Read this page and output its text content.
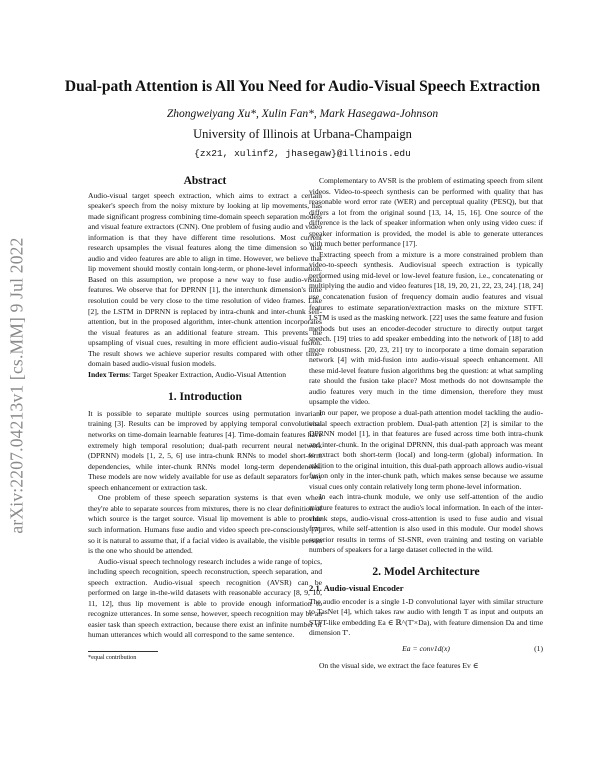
arXiv:2207.04213v1 [cs.MM] 9 Jul 2022
Dual-path Attention is All You Need for Audio-Visual Speech Extraction
Zhongweiyang Xu*, Xulin Fan*, Mark Hasegawa-Johnson
University of Illinois at Urbana-Champaign
{zx21, xulinf2, jhasegaw}@illinois.edu
Abstract

Audio-visual target speech extraction, which aims to extract a certain speaker's speech from the noisy mixture by looking at lip movements, has made significant progress combining time-domain speech separation models and visual feature extractors (CNN). One problem of fusing audio and video information is that they have different time resolutions. Most current research upsamples the visual features along the time dimension so that audio and video features are able to align in time. However, we believe that lip movement should mostly contain long-term, or phone-level information. Based on this assumption, we propose a new way to fuse audio-visual features. We observe that for DPRNN [1], the interchunk dimension's time resolution could be very close to the time resolution of video frames. Like [2], the LSTM in DPRNN is replaced by intra-chunk and inter-chunk self-attention, but in the proposed algorithm, inter-chunk attention incorporates the visual features as an additional feature stream. This prevents the upsampling of visual cues, resulting in more efficient audio-visual fusion. The result shows we achieve superior results compared with other time-domain based audio-visual fusion models.

Index Terms: Target Speaker Extraction, Audio-Visual Attention

1. Introduction

It is possible to separate multiple sources using permutation invariant training [3]. Results can be improved by applying temporal convolutional networks on time-domain learnable features [4]. Time-domain features have extremely high temporal resolution; dual-path recurrent neural network (DPRNN) models [1, 2, 5, 6] use intra-chunk RNNs to model short-term dependencies, while inter-chunk RNNs model long-term dependencies. These models are now widely available for use as default separators for any speech enhancement or extraction task.

One problem of these speech separation systems is that even when they're able to separate sources from mixtures, there is no clear definition of which source is the target source. Visual lip movement is able to provide such information. Humans fuse audio and video speech pre-consciously [7], so it is natural to assume that, if a facial video is available, the visible person is the one who should be attended.

Audio-visual speech technology research includes a wide range of topics, including speech recognition, speech reconstruction, speech separation, and speech extraction. Audio-visual speech recognition (AVSR) can be performed on large in-the-wild datasets with reasonable accuracy [8, 9, 10, 11, 12], thus lip movement is able to provide enough information to recognize utterances. In some sense, however, speech recognition may be an easier task than speech extraction, because there exist an infinite number of human utterances which would all correspond to the same sentence.

*equal contribution

Complementary to AVSR is the problem of estimating speech from silent videos. Video-to-speech synthesis can be performed with quality that has reasonable word error rate (WER) and perceptual quality (PESQ), but that differs a lot from the original sound [13, 14, 15, 16]. One source of the difference is the lack of speaker information when only using video cues: if speaker information is provided, the model is able to generate utterances with much better performance [17].

Extracting speech from a mixture is a more constrained problem than video-to-speech synthesis. Audiovisual speech extraction is typically performed using mid-level or low-level feature fusion, i.e., concatenating or multiplying the audio and video features [18, 19, 20, 21, 22, 23, 24]. [18, 24] use concatenation fusion of frequency domain audio features and visual features to estimate separation/extraction masks on the mixture STFT. LSTM is used as the masking network. [22] uses the same feature and fusion methods but uses an encoder-decoder structure to directly output target speech. [19] tries to add speaker embedding into the network of [18] to add more robustness. [20, 23, 21] try to incorporate a time domain separation network [4] with mid-fusion into audio-visual speech enhancement. All these mid-level feature fusion algorithms beg the question: at what sampling rate should the fusion take place? Most methods do not downsample the audio features very much in the time dimension, therefore they must upsample the video.

In our paper, we propose a dual-path attention model tackling the audio-visual speech extraction problem. Dual-path attention [2] is similar to the DPRNN model [1], in that features are fused across time both intra-chunk and inter-chunk. In the original DPRNN, this dual-path approach was meant to extract both short-term (local) and long-term (global) information. In addition to the original intuition, this dual-path approach allows audio-visual fusion only in the inter-chunk path, which makes sense because we assume visual cues only contain relatively long term phone-level information.

In each intra-chunk module, we only use self-attention of the audio mixture features to extract the audio's local information. In each of the inter-chunk steps, audio-visual cross-attention is used to fuse audio and visual features, while self-attention is also used in this module. Our model shows superior results in terms of SI-SNR, even training and testing on variable numbers of speakers for a large dataset collected in the wild.

2. Model Architecture
2.1. Audio-visual Encoder

The audio encoder is a single 1-D convolutional layer with similar structure to TasNet [4], which takes raw audio with length T as input and outputs an STFT-like embedding Ea ∈ ℝ^(T'×Da), with feature dimension Da and time dimension T'.

Ea = conv1d(x)	(1)

On the visual side, we extract the face features Ev ∈
